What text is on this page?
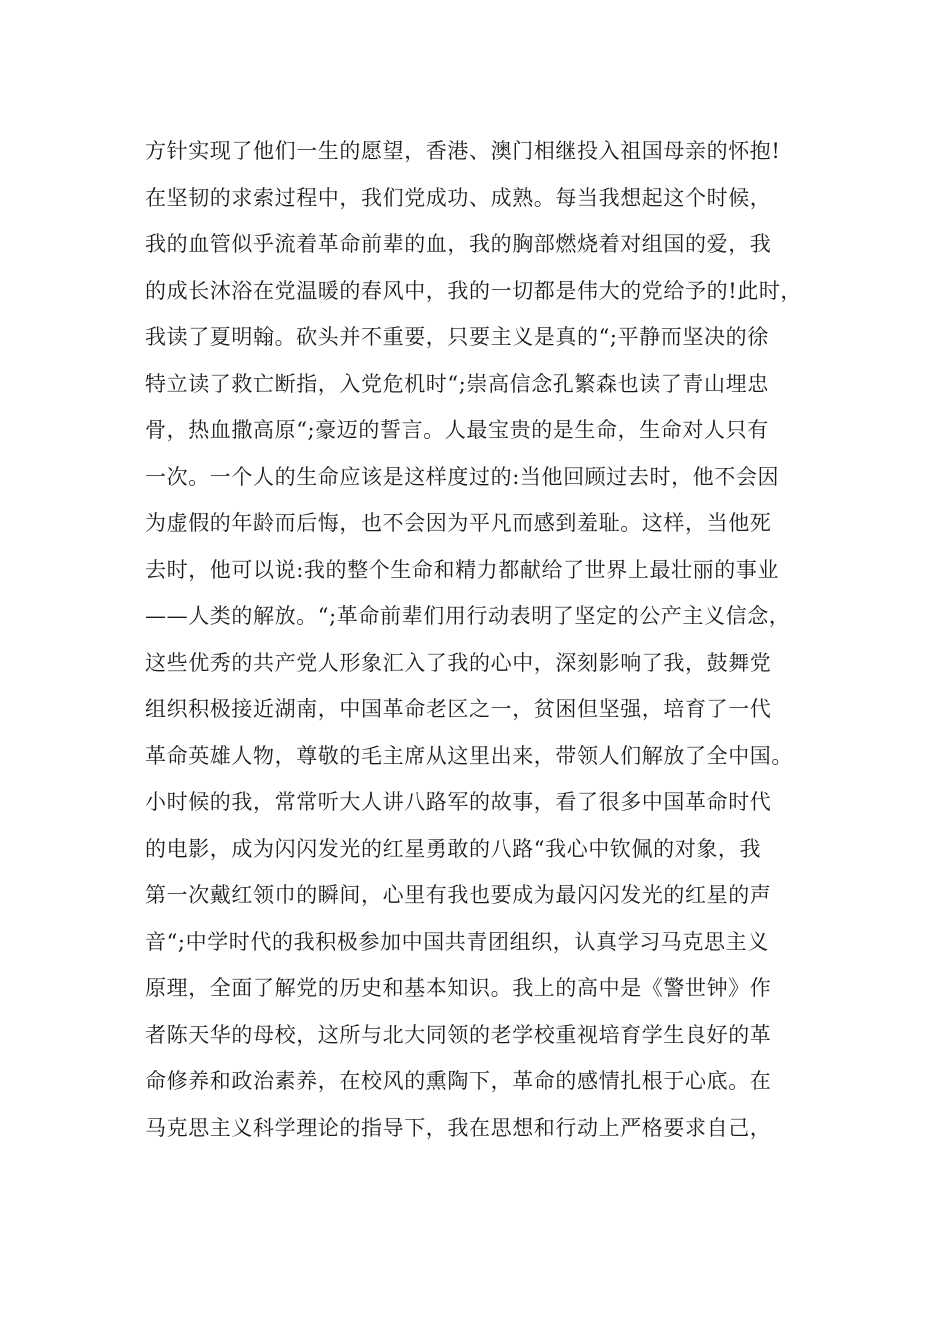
方针实现了他们一生的愿望，香港、澳门相继投入祖国母亲的怀抱!
在坚韧的求索过程中，我们党成功、成熟。每当我想起这个时候，
我的血管似乎流着革命前辈的血，我的胸部燃烧着对组国的爱，我
的成长沐浴在党温暖的春风中，我的一切都是伟大的党给予的!此时，
我读了夏明翰。砍头并不重要，只要主义是真的“;平静而坚决的徐
特立读了救亡断指，入党危机时“;崇高信念孔繁森也读了青山埋忠
骨，热血撒高原“;豪迈的誓言。人最宝贵的是生命，生命对人只有
一次。一个人的生命应该是这样度过的:当他回顾过去时，他不会因
为虚假的年龄而后悔，也不会因为平凡而感到羞耻。这样，当他死
去时，他可以说:我的整个生命和精力都献给了世界上最壮丽的事业
——人类的解放。“;革命前辈们用行动表明了坚定的公产主义信念，
这些优秀的共产党人形象汇入了我的心中，深刻影响了我，鼓舞党
组织积极接近湖南，中国革命老区之一，贫困但坚强，培育了一代
革命英雄人物，尊敬的毛主席从这里出来，带领人们解放了全中国。
小时候的我，常常听大人讲八路军的故事，看了很多中国革命时代
的电影，成为闪闪发光的红星勇敢的八路“我心中钦佩的对象，我
第一次戴红领巾的瞬间，心里有我也要成为最闪闪发光的红星的声
音“;中学时代的我积极参加中国共青团组织，认真学习马克思主义
原理，全面了解党的历史和基本知识。我上的高中是《警世钟》作
者陈天华的母校，这所与北大同领的老学校重视培育学生良好的革
命修养和政治素养，在校风的熏陶下，革命的感情扎根于心底。在
马克思主义科学理论的指导下，我在思想和行动上严格要求自己，
